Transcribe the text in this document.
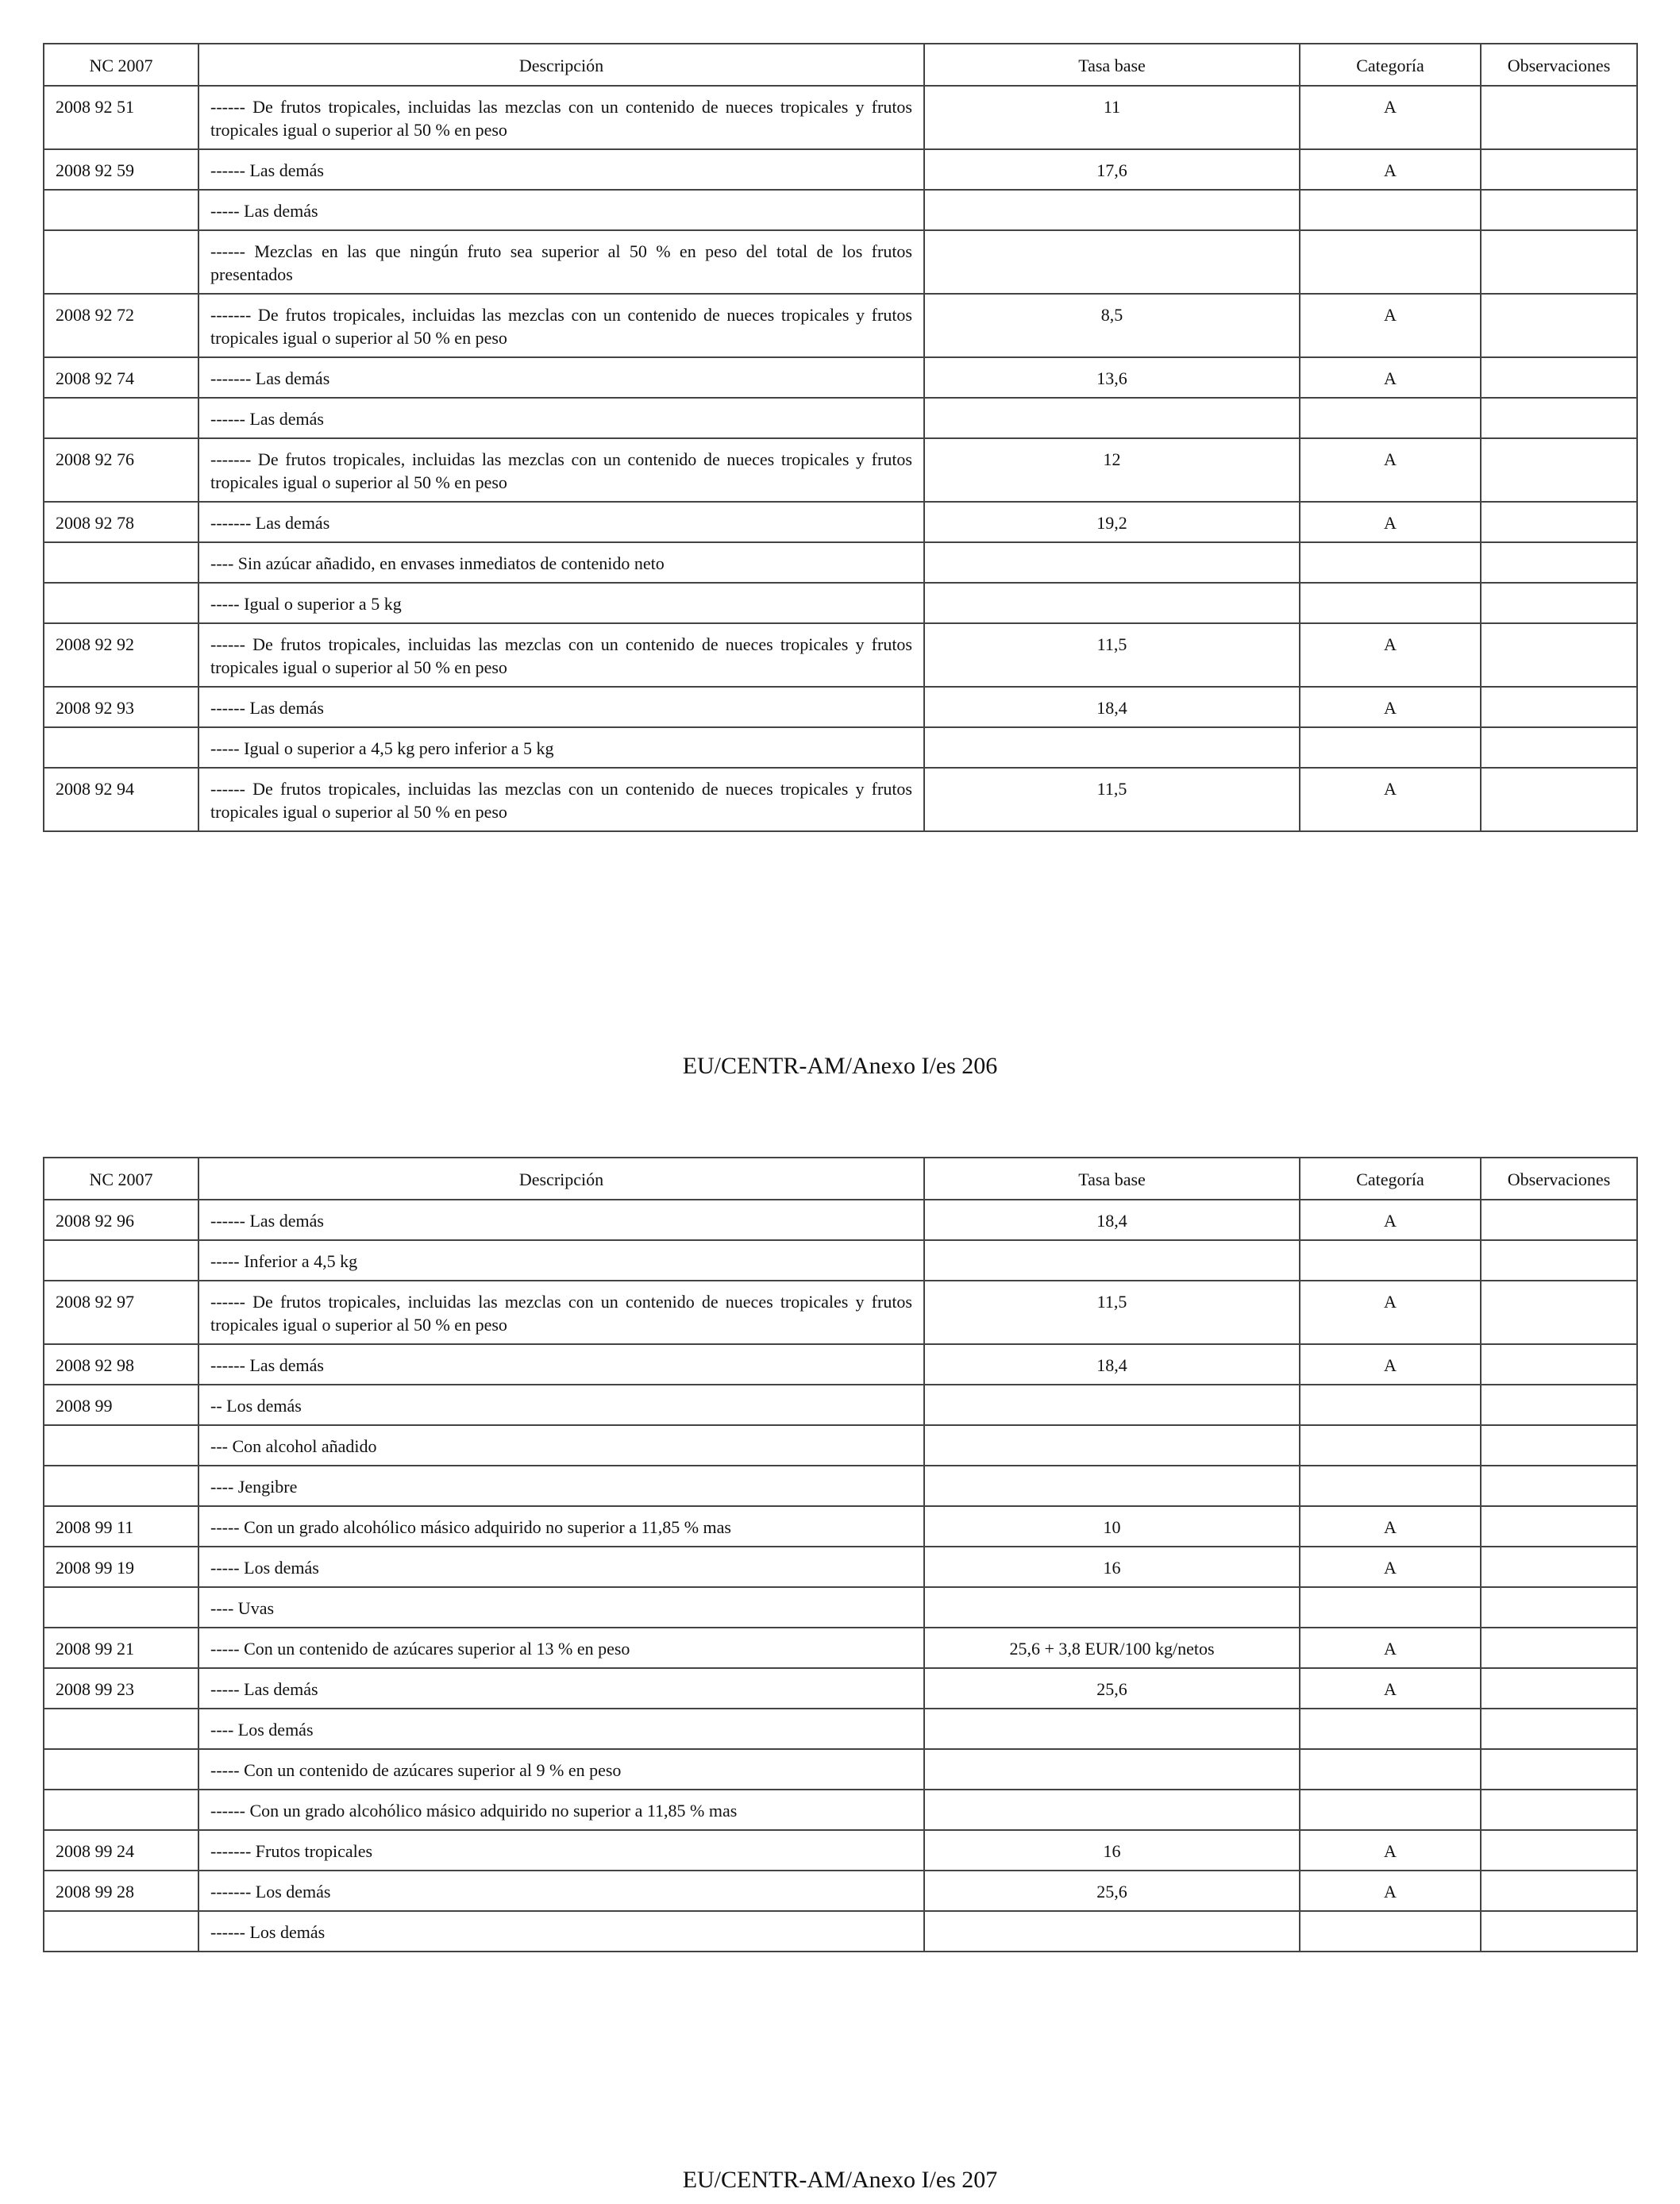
NC 2007	Descripción	Tasa base	Categoría	Observaciones
2008 92 51	------ De frutos tropicales, incluidas las mezclas con un contenido de nueces tropicales y frutos tropicales igual o superior al 50 % en peso	11	A	
2008 92 59	------ Las demás	17,6	A	
	----- Las demás			
	------ Mezclas en las que ningún fruto sea superior al 50 % en peso del total de los frutos presentados			
2008 92 72	------- De frutos tropicales, incluidas las mezclas con un contenido de nueces tropicales y frutos tropicales igual o superior al 50 % en peso	8,5	A	
2008 92 74	------- Las demás	13,6	A	
	------ Las demás			
2008 92 76	------- De frutos tropicales, incluidas las mezclas con un contenido de nueces tropicales y frutos tropicales igual o superior al 50 % en peso	12	A	
2008 92 78	------- Las demás	19,2	A	
	---- Sin azúcar añadido, en envases inmediatos de contenido neto			
	----- Igual o superior a 5 kg			
2008 92 92	------ De frutos tropicales, incluidas las mezclas con un contenido de nueces tropicales y frutos tropicales igual o superior al 50 % en peso	11,5	A	
2008 92 93	------ Las demás	18,4	A	
	----- Igual o superior a 4,5 kg pero inferior a 5 kg			
2008 92 94	------ De frutos tropicales, incluidas las mezclas con un contenido de nueces tropicales y frutos tropicales igual o superior al 50 % en peso	11,5	A	
EU/CENTR-AM/Anexo I/es 206
NC 2007	Descripción	Tasa base	Categoría	Observaciones
2008 92 96	------ Las demás	18,4	A	
	----- Inferior a 4,5 kg			
2008 92 97	------ De frutos tropicales, incluidas las mezclas con un contenido de nueces tropicales y frutos tropicales igual o superior al 50 % en peso	11,5	A	
2008 92 98	------ Las demás	18,4	A	
2008 99	-- Los demás			
	--- Con alcohol añadido			
	---- Jengibre			
2008 99 11	----- Con un grado alcohólico másico adquirido no superior a 11,85 % mas	10	A	
2008 99 19	----- Los demás	16	A	
	---- Uvas			
2008 99 21	----- Con un contenido de azúcares superior al 13 % en peso	25,6 + 3,8 EUR/100 kg/netos	A	
2008 99 23	----- Las demás	25,6	A	
	---- Los demás			
	----- Con un contenido de azúcares superior al 9 % en peso			
	------ Con un grado alcohólico másico adquirido no superior a 11,85 % mas			
2008 99 24	------- Frutos tropicales	16	A	
2008 99 28	------- Los demás	25,6	A	
	------ Los demás			
EU/CENTR-AM/Anexo I/es 207
